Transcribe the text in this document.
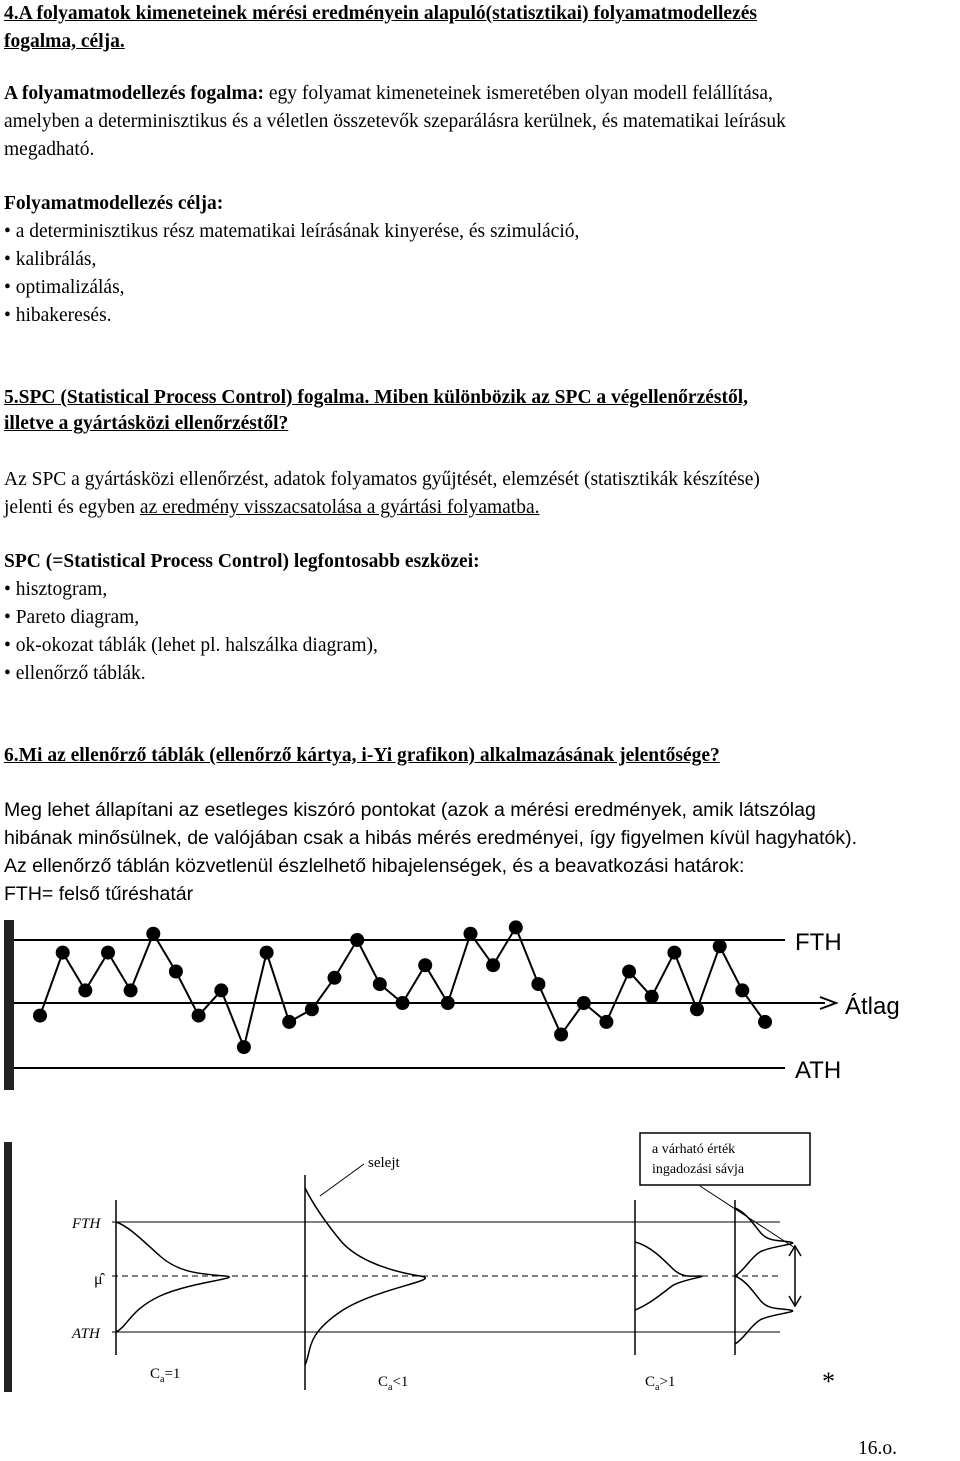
4.A folyamatok kimeneteinek mérési eredményein alapuló(statisztikai) folyamatmodellezés
fogalma, célja.
A folyamatmodellezés fogalma: egy folyamat kimeneteinek ismeretében olyan modell felállítása,
amelyben a determinisztikus és a véletlen összetevők szeparálásra kerülnek, és matematikai leírásuk
megadható.
Folyamatmodellezés célja:
• a determinisztikus rész matematikai leírásának kinyerése, és szimuláció,
• kalibrálás,
• optimalizálás,
• hibakeresés.
5.SPC (Statistical Process Control) fogalma. Miben különbözik az SPC a végellenőrzéstől,
illetve a gyártásközi ellenőrzéstől?
Az SPC a gyártásközi ellenőrzést, adatok folyamatos gyűjtését, elemzését (statisztikák készítése)
jelenti és egyben az eredmény visszacsatolása a gyártási folyamatba.
SPC (=Statistical Process Control) legfontosabb eszközei:
• hisztogram,
• Pareto diagram,
• ok-okozat táblák (lehet pl. halszálka diagram),
• ellenőrző táblák.
6.Mi az ellenőrző táblák (ellenőrző kártya, i-Yi grafikon) alkalmazásának jelentősége?
Meg lehet állapítani az esetleges kiszóró pontokat (azok a mérési eredmények, amik látszólag
hibának minősülnek, de valójában csak a hibás mérés eredményei, így figyelmen kívül hagyhatók).
Az ellenőrző táblán közvetlenül észlelhető hibajelenségek, és a beavatkozási határok:
FTH= felső tűréshatár
FTH
Átlag
ATH
a várható érték
ingadozási sávja
selejt
FTH
μ̂
ATH
$C_a=1$	$C_a<1$	$C_a>1$	*
16.o.
